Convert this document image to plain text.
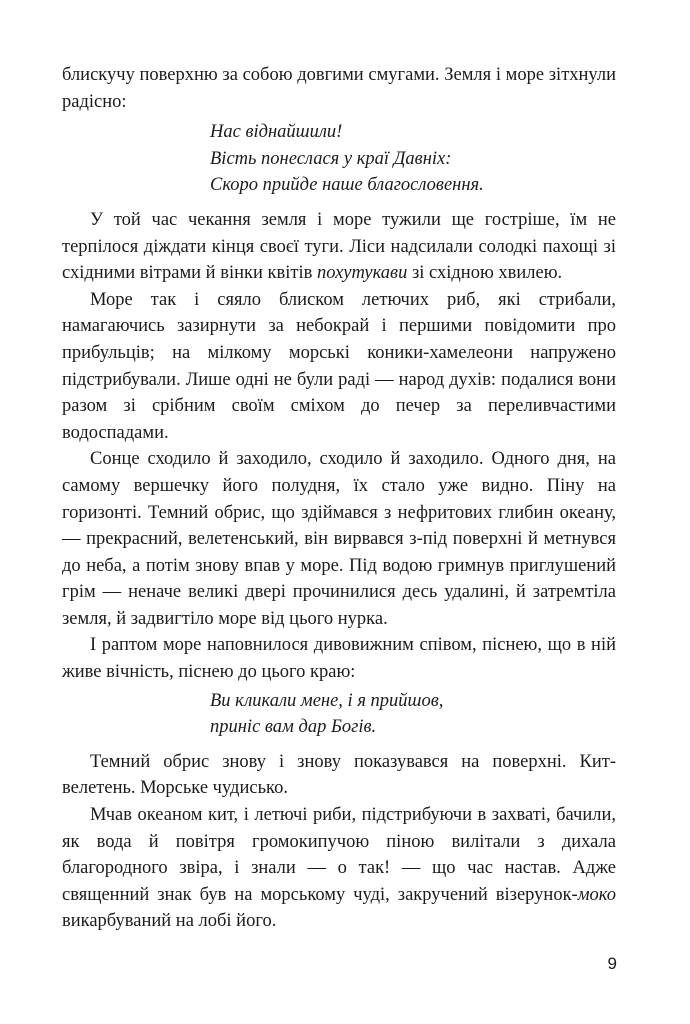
блискучу поверхню за собою довгими смугами. Земля і море зітхнули радісно:

Нас віднайшили!
Вість понеслася у краї Давніх:
Скоро прийде наше благословення.

У той час чекання земля і море тужили ще гостріше, їм не терпілося діждати кінця своєї туги. Ліси надсилали солодкі пахощі зі східними вітрами й вінки квітів похутукави зі східною хвилею.

Море так і сяяло блиском летючих риб, які стрибали, намагаючись зазирнути за небокрай і першими повідомити про прибульців; на мілкому морські коники-хамелеони напружено підстрибували. Лише одні не були раді — народ духів: подалися вони разом зі срібним своїм сміхом до печер за переливчастими водоспадами.

Сонце сходило й заходило, сходило й заходило. Одного дня, на самому вершечку його полудня, їх стало уже видно. Піну на горизонті. Темний обрис, що здіймався з нефритових глибин океану, — прекрасний, велетенський, він вирвався з-під поверхні й метнувся до неба, а потім знову впав у море. Під водою гримнув приглушений грім — неначе великі двері прочинилися десь удалині, й затремтіла земля, й задвигтіло море від цього нурка.

І раптом море наповнилося дивовижним співом, піснею, що в ній живе вічність, піснею до цього краю:

Ви кликали мене, і я прийшов,
приніс вам дар Богів.

Темний обрис знову і знову показувався на поверхні. Кит-велетень. Морське чудисько.

Мчав океаном кит, і летючі риби, підстрибуючи в захваті, бачили, як вода й повітря громокипучою піною вилітали з дихала благородного звіра, і знали — о так! — що час настав. Адже священний знак був на морському чуді, закручений візерунок-моко викарбуваний на лобі його.

9
